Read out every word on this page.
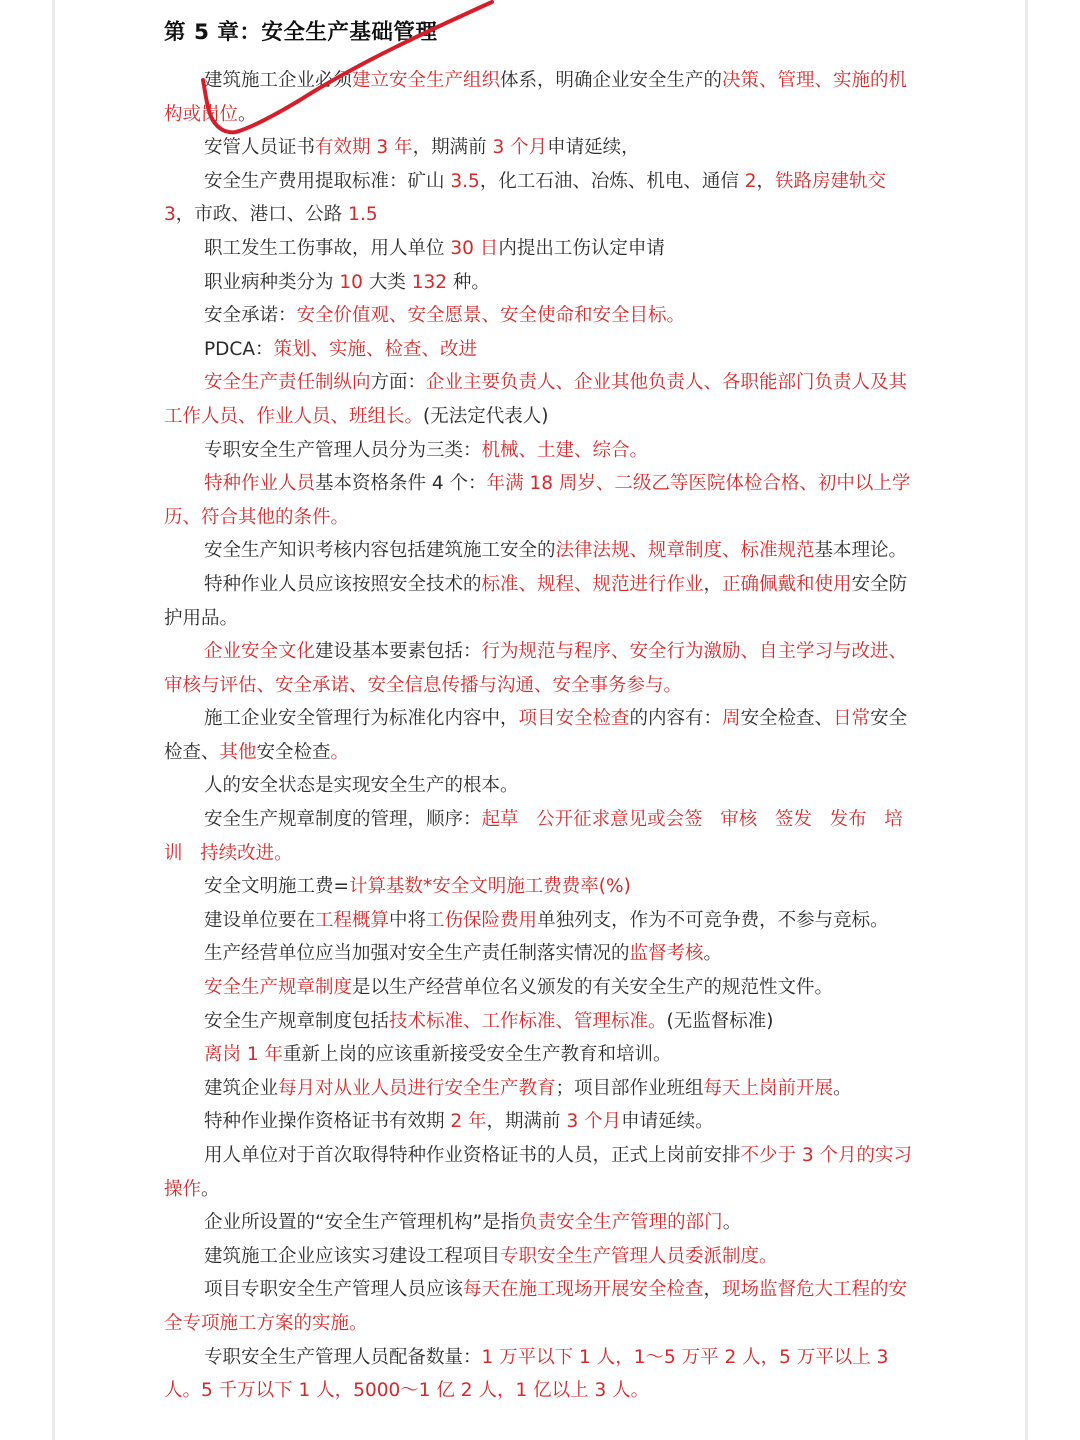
第 5 章：安全生产基础管理

建筑施工企业必须建立安全生产组织体系，明确企业安全生产的决策、管理、实施的机构或岗位。

安管人员证书有效期 3 年，期满前 3 个月申请延续，

安全生产费用提取标准：矿山 3.5，化工石油、冶炼、机电、通信 2，铁路房建轨交 3，市政、港口、公路 1.5

职工发生工伤事故，用人单位 30 日内提出工伤认定申请

职业病种类分为 10 大类 132 种。

安全承诺：安全价值观、安全愿景、安全使命和安全目标。

PDCA：策划、实施、检查、改进

安全生产责任制纵向方面：企业主要负责人、企业其他负责人、各职能部门负责人及其工作人员、作业人员、班组长。(无法定代表人)

专职安全生产管理人员分为三类：机械、土建、综合。

特种作业人员基本资格条件 4 个：年满 18 周岁、二级乙等医院体检合格、初中以上学历、符合其他的条件。

安全生产知识考核内容包括建筑施工安全的法律法规、规章制度、标准规范基本理论。

特种作业人员应该按照安全技术的标准、规程、规范进行作业，正确佩戴和使用安全防护用品。

企业安全文化建设基本要素包括：行为规范与程序、安全行为激励、自主学习与改进、审核与评估、安全承诺、安全信息传播与沟通、安全事务参与。

施工企业安全管理行为标准化内容中，项目安全检查的内容有：周安全检查、日常安全检查、其他安全检查。

人的安全状态是实现安全生产的根本。

安全生产规章制度的管理，顺序：起草   公开征求意见或会签   审核   签发   发布   培训   持续改进。

安全文明施工费=计算基数*安全文明施工费费率(%)

建设单位要在工程概算中将工伤保险费用单独列支，作为不可竞争费，不参与竞标。

生产经营单位应当加强对安全生产责任制落实情况的监督考核。

安全生产规章制度是以生产经营单位名义颁发的有关安全生产的规范性文件。

安全生产规章制度包括技术标准、工作标准、管理标准。(无监督标准)

离岗 1 年重新上岗的应该重新接受安全生产教育和培训。

建筑企业每月对从业人员进行安全生产教育；项目部作业班组每天上岗前开展。

特种作业操作资格证书有效期 2 年，期满前 3 个月申请延续。

用人单位对于首次取得特种作业资格证书的人员，正式上岗前安排不少于 3 个月的实习操作。

企业所设置的“安全生产管理机构”是指负责安全生产管理的部门。

建筑施工企业应该实习建设工程项目专职安全生产管理人员委派制度。

项目专职安全生产管理人员应该每天在施工现场开展安全检查，现场监督危大工程的安全专项施工方案的实施。

专职安全生产管理人员配备数量：1 万平以下 1 人，1～5 万平 2 人，5 万平以上 3 人。5 千万以下 1 人，5000～1 亿 2 人，1 亿以上 3 人。
